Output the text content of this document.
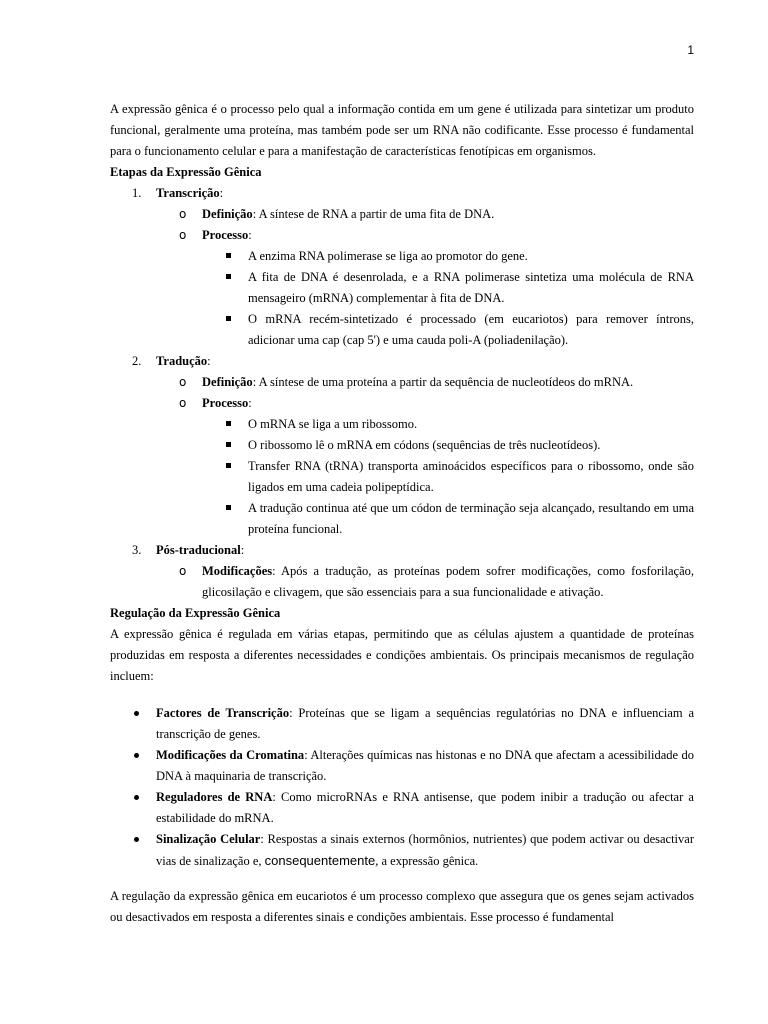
1

A expressão gênica é o processo pelo qual a informação contida em um gene é utilizada para sintetizar um produto funcional, geralmente uma proteína, mas também pode ser um RNA não codificante. Esse processo é fundamental para o funcionamento celular e para a manifestação de características fenotípicas em organismos.

Etapas da Expressão Gênica
1. Transcrição:
o Definição: A síntese de RNA a partir de uma fita de DNA.
o Processo:
A enzima RNA polimerase se liga ao promotor do gene.
A fita de DNA é desenrolada, e a RNA polimerase sintetiza uma molécula de RNA mensageiro (mRNA) complementar à fita de DNA.
O mRNA recém-sintetizado é processado (em eucariotos) para remover íntrons, adicionar uma cap (cap 5') e uma cauda poli-A (poliadenilação).
2. Tradução:
o Definição: A síntese de uma proteína a partir da sequência de nucleotídeos do mRNA.
o Processo:
O mRNA se liga a um ribossomo.
O ribossomo lê o mRNA em códons (sequências de três nucleotídeos).
Transfer RNA (tRNA) transporta aminoácidos específicos para o ribossomo, onde são ligados em uma cadeia polipeptídica.
A tradução continua até que um códon de terminação seja alcançado, resultando em uma proteína funcional.
3. Pós-traducional:
o Modificações: Após a tradução, as proteínas podem sofrer modificações, como fosforilação, glicosilação e clivagem, que são essenciais para a sua funcionalidade e ativação.
Regulação da Expressão Gênica

A expressão gênica é regulada em várias etapas, permitindo que as células ajustem a quantidade de proteínas produzidas em resposta a diferentes necessidades e condições ambientais. Os principais mecanismos de regulação incluem:

Factores de Transcrição: Proteínas que se ligam a sequências regulatórias no DNA e influenciam a transcrição de genes.
Modificações da Cromatina: Alterações químicas nas histonas e no DNA que afectam a acessibilidade do DNA à maquinaria de transcrição.
Reguladores de RNA: Como microRNAs e RNA antisense, que podem inibir a tradução ou afectar a estabilidade do mRNA.
Sinalização Celular: Respostas a sinais externos (hormônios, nutrientes) que podem activar ou desactivar vias de sinalização e, consequentemente, a expressão gênica.

A regulação da expressão gênica em eucariotos é um processo complexo que assegura que os genes sejam activados ou desactivados em resposta a diferentes sinais e condições ambientais. Esse processo é fundamental
